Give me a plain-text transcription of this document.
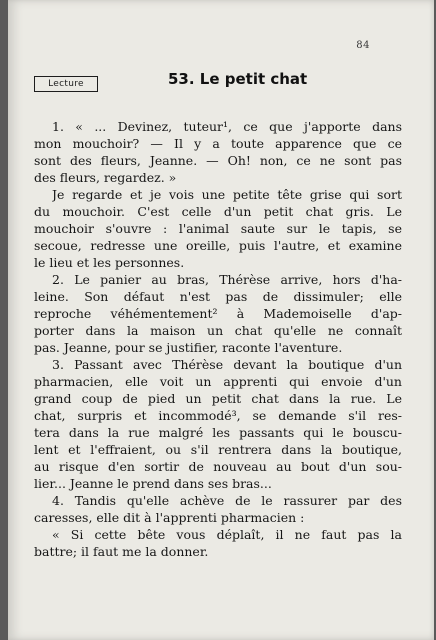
84
Lecture	53. Le petit chat
1. « ... Devinez, tuteur¹, ce que j'apporte dans
mon mouchoir? — Il y a toute apparence que ce
sont des fleurs, Jeanne. — Oh! non, ce ne sont pas
des fleurs, regardez. »
Je regarde et je vois une petite tête grise qui sort
du mouchoir. C'est celle d'un petit chat gris. Le
mouchoir s'ouvre : l'animal saute sur le tapis, se
secoue, redresse une oreille, puis l'autre, et examine
le lieu et les personnes.
2. Le panier au bras, Thérèse arrive, hors d'ha-
leine. Son défaut n'est pas de dissimuler; elle
reproche véhémentement² à Mademoiselle d'ap-
porter dans la maison un chat qu'elle ne connaît
pas. Jeanne, pour se justifier, raconte l'aventure.
3. Passant avec Thérèse devant la boutique d'un
pharmacien, elle voit un apprenti qui envoie d'un
grand coup de pied un petit chat dans la rue. Le
chat, surpris et incommodé³, se demande s'il res-
tera dans la rue malgré les passants qui le bouscu-
lent et l'effraient, ou s'il rentrera dans la boutique,
au risque d'en sortir de nouveau au bout d'un sou-
lier... Jeanne le prend dans ses bras...
4. Tandis qu'elle achève de le rassurer par des
caresses, elle dit à l'apprenti pharmacien :
« Si cette bête vous déplaît, il ne faut pas la
battre; il faut me la donner.
